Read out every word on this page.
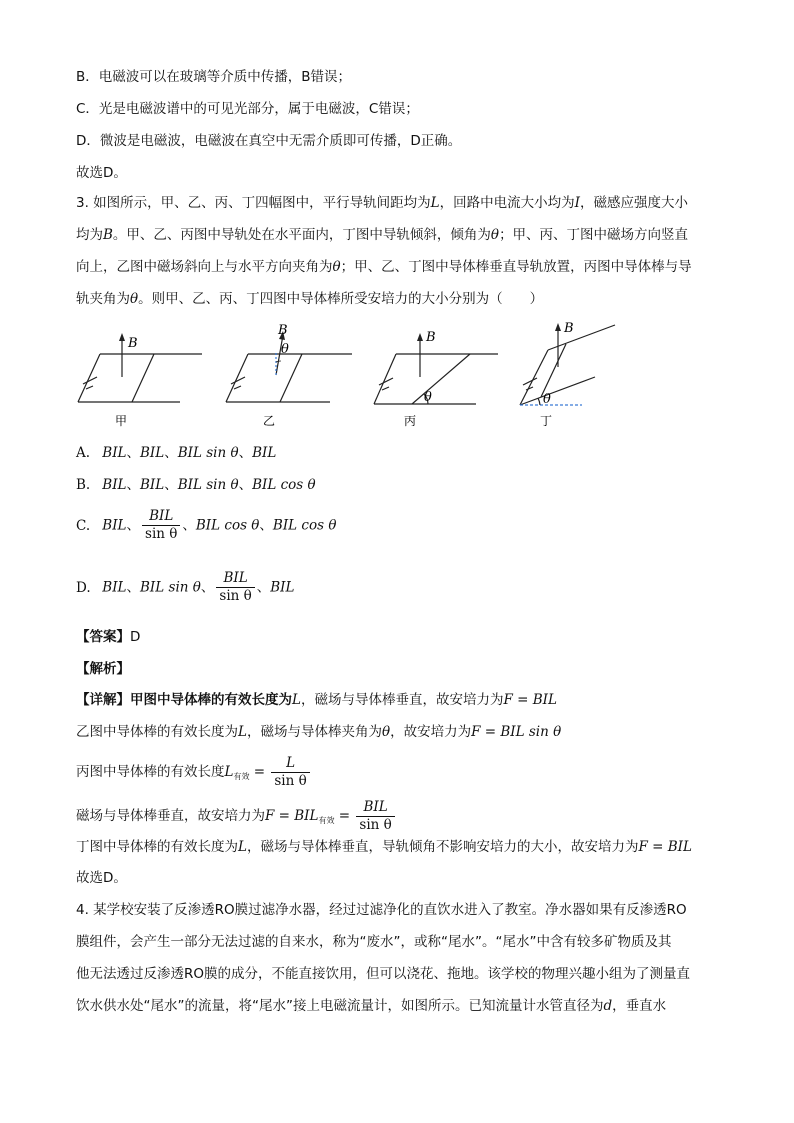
B．电磁波可以在玻璃等介质中传播，B错误；
C．光是电磁波谱中的可见光部分，属于电磁波，C错误；
D．微波是电磁波，电磁波在真空中无需介质即可传播，D正确。
故选D。
3. 如图所示，甲、乙、丙、丁四幅图中，平行导轨间距均为L，回路中电流大小均为I，磁感应强度大小
均为B。甲、乙、丙图中导轨处在水平面内，丁图中导轨倾斜，倾角为θ；甲、丙、丁图中磁场方向竖直
向上，乙图中磁场斜向上与水平方向夹角为θ；甲、乙、丁图中导体棒垂直导轨放置，丙图中导体棒与导
轨夹角为θ。则甲、乙、丙、丁四图中导体棒所受安培力的大小分别为（　　）
B
B	B
B
θ
θ	θ
甲	乙	丙	丁
A. BIL、BIL、BIL sin θ、BIL
B. BIL、BIL、BIL sin θ、BIL cos θ
C. BIL、 $\frac{\text{BIL}}{\text{sin θ}}$ 、BIL cos θ、BIL cos θ
D. BIL、BIL sin θ、 $\frac{\text{BIL}}{\text{sin θ}}$ 、BIL
【答案】D
【解析】
【详解】甲图中导体棒的有效长度为L，磁场与导体棒垂直，故安培力为F = BIL
乙图中导体棒的有效长度为L，磁场与导体棒夹角为θ，故安培力为F = BIL sin θ
丙图中导体棒的有效长度$L_{有效} = \frac{L}{\text{sin θ}}$
磁场与导体棒垂直，故安培力为$F = BIL_{有效} = \frac{\text{BIL}}{\text{sin θ}}$
丁图中导体棒的有效长度为L，磁场与导体棒垂直，导轨倾角不影响安培力的大小，故安培力为F = BIL
故选D。
4. 某学校安装了反渗透RO膜过滤净水器，经过过滤净化的直饮水进入了教室。净水器如果有反渗透RO
膜组件，会产生一部分无法过滤的自来水，称为“废水”，或称“尾水”。“尾水”中含有较多矿物质及其
他无法透过反渗透RO膜的成分，不能直接饮用，但可以浇花、拖地。该学校的物理兴趣小组为了测量直
饮水供水处“尾水”的流量，将“尾水”接上电磁流量计，如图所示。已知流量计水管直径为d，垂直水
